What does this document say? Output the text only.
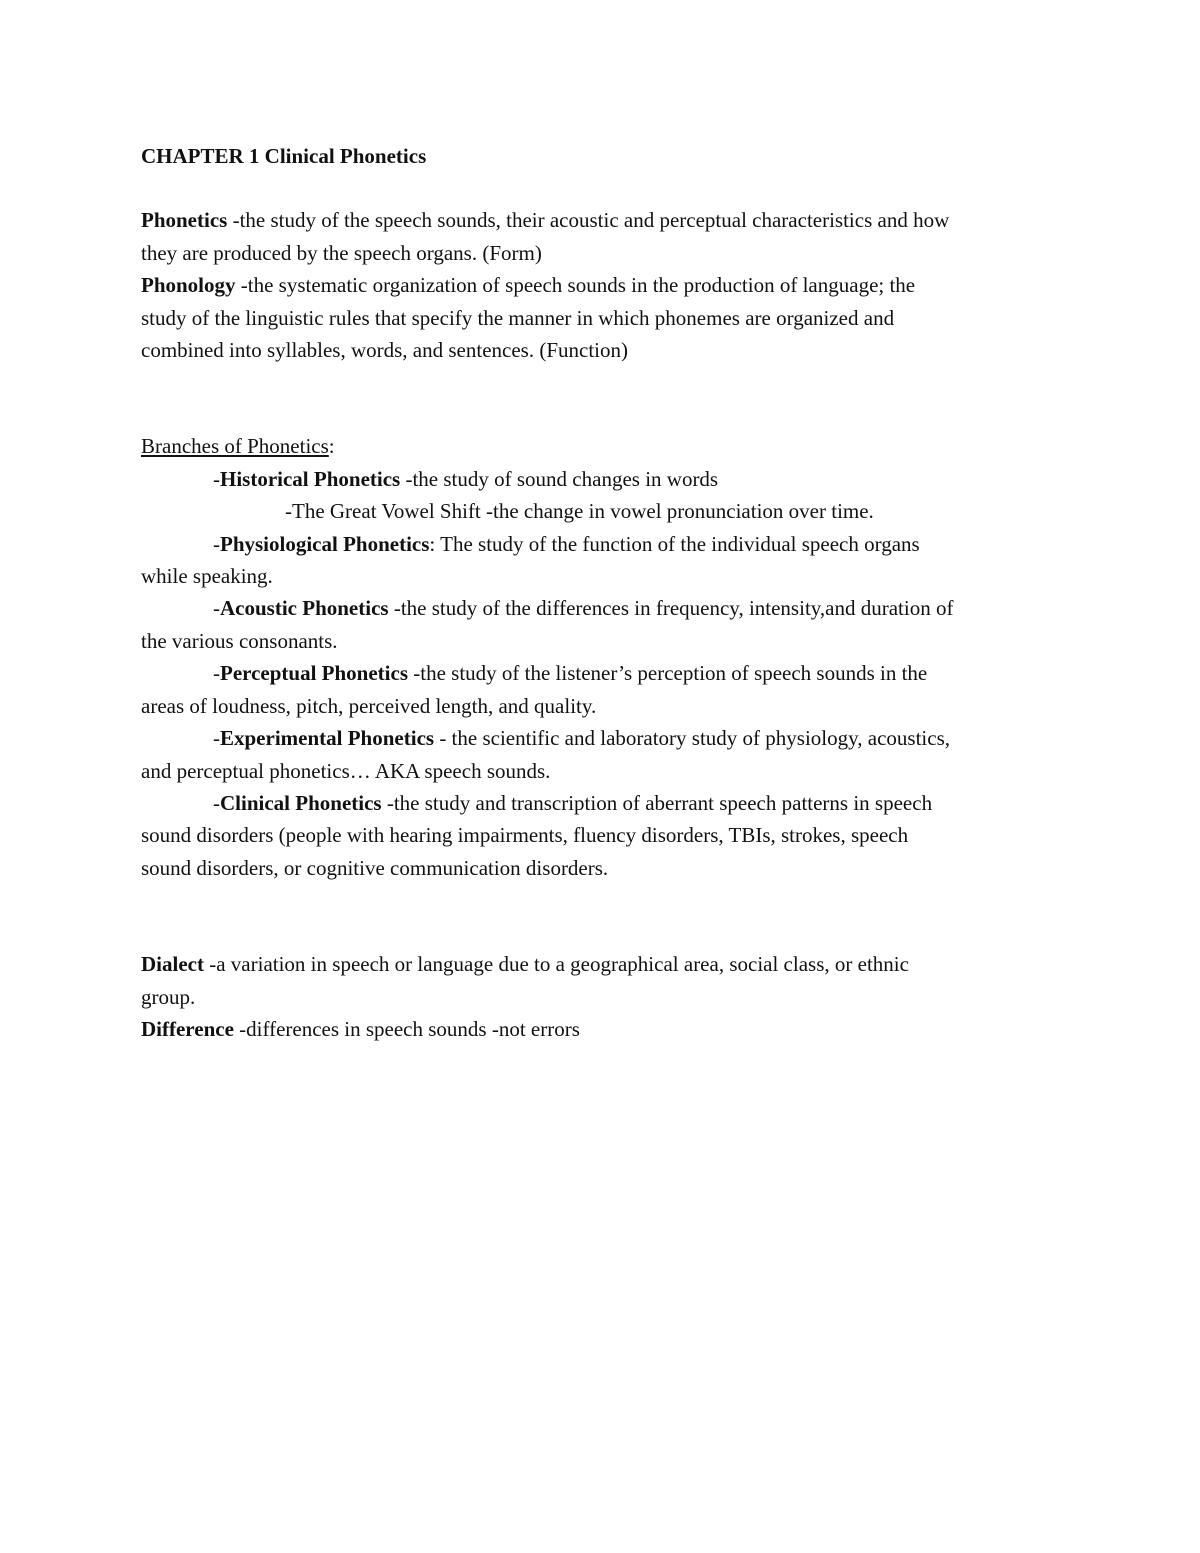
CHAPTER 1 Clinical Phonetics

Phonetics -the study of the speech sounds, their acoustic and perceptual characteristics and how

they are produced by the speech organs. (Form)

Phonology -the systematic organization of speech sounds in the production of language; the

study of the linguistic rules that specify the manner in which phonemes are organized and

combined into syllables, words, and sentences. (Function)

Branches of Phonetics:

-Historical Phonetics -the study of sound changes in words

-The Great Vowel Shift -the change in vowel pronunciation over time.

-Physiological Phonetics: The study of the function of the individual speech organs

while speaking.

-Acoustic Phonetics -the study of the differences in frequency, intensity,and duration of

the various consonants.

-Perceptual Phonetics -the study of the listener’s perception of speech sounds in the

areas of loudness, pitch, perceived length, and quality.

-Experimental Phonetics - the scientific and laboratory study of physiology, acoustics,

and perceptual phonetics… AKA speech sounds.

-Clinical Phonetics -the study and transcription of aberrant speech patterns in speech

sound disorders (people with hearing impairments, fluency disorders, TBIs, strokes, speech

sound disorders, or cognitive communication disorders.

Dialect -a variation in speech or language due to a geographical area, social class, or ethnic

group.

Difference -differences in speech sounds -not errors
